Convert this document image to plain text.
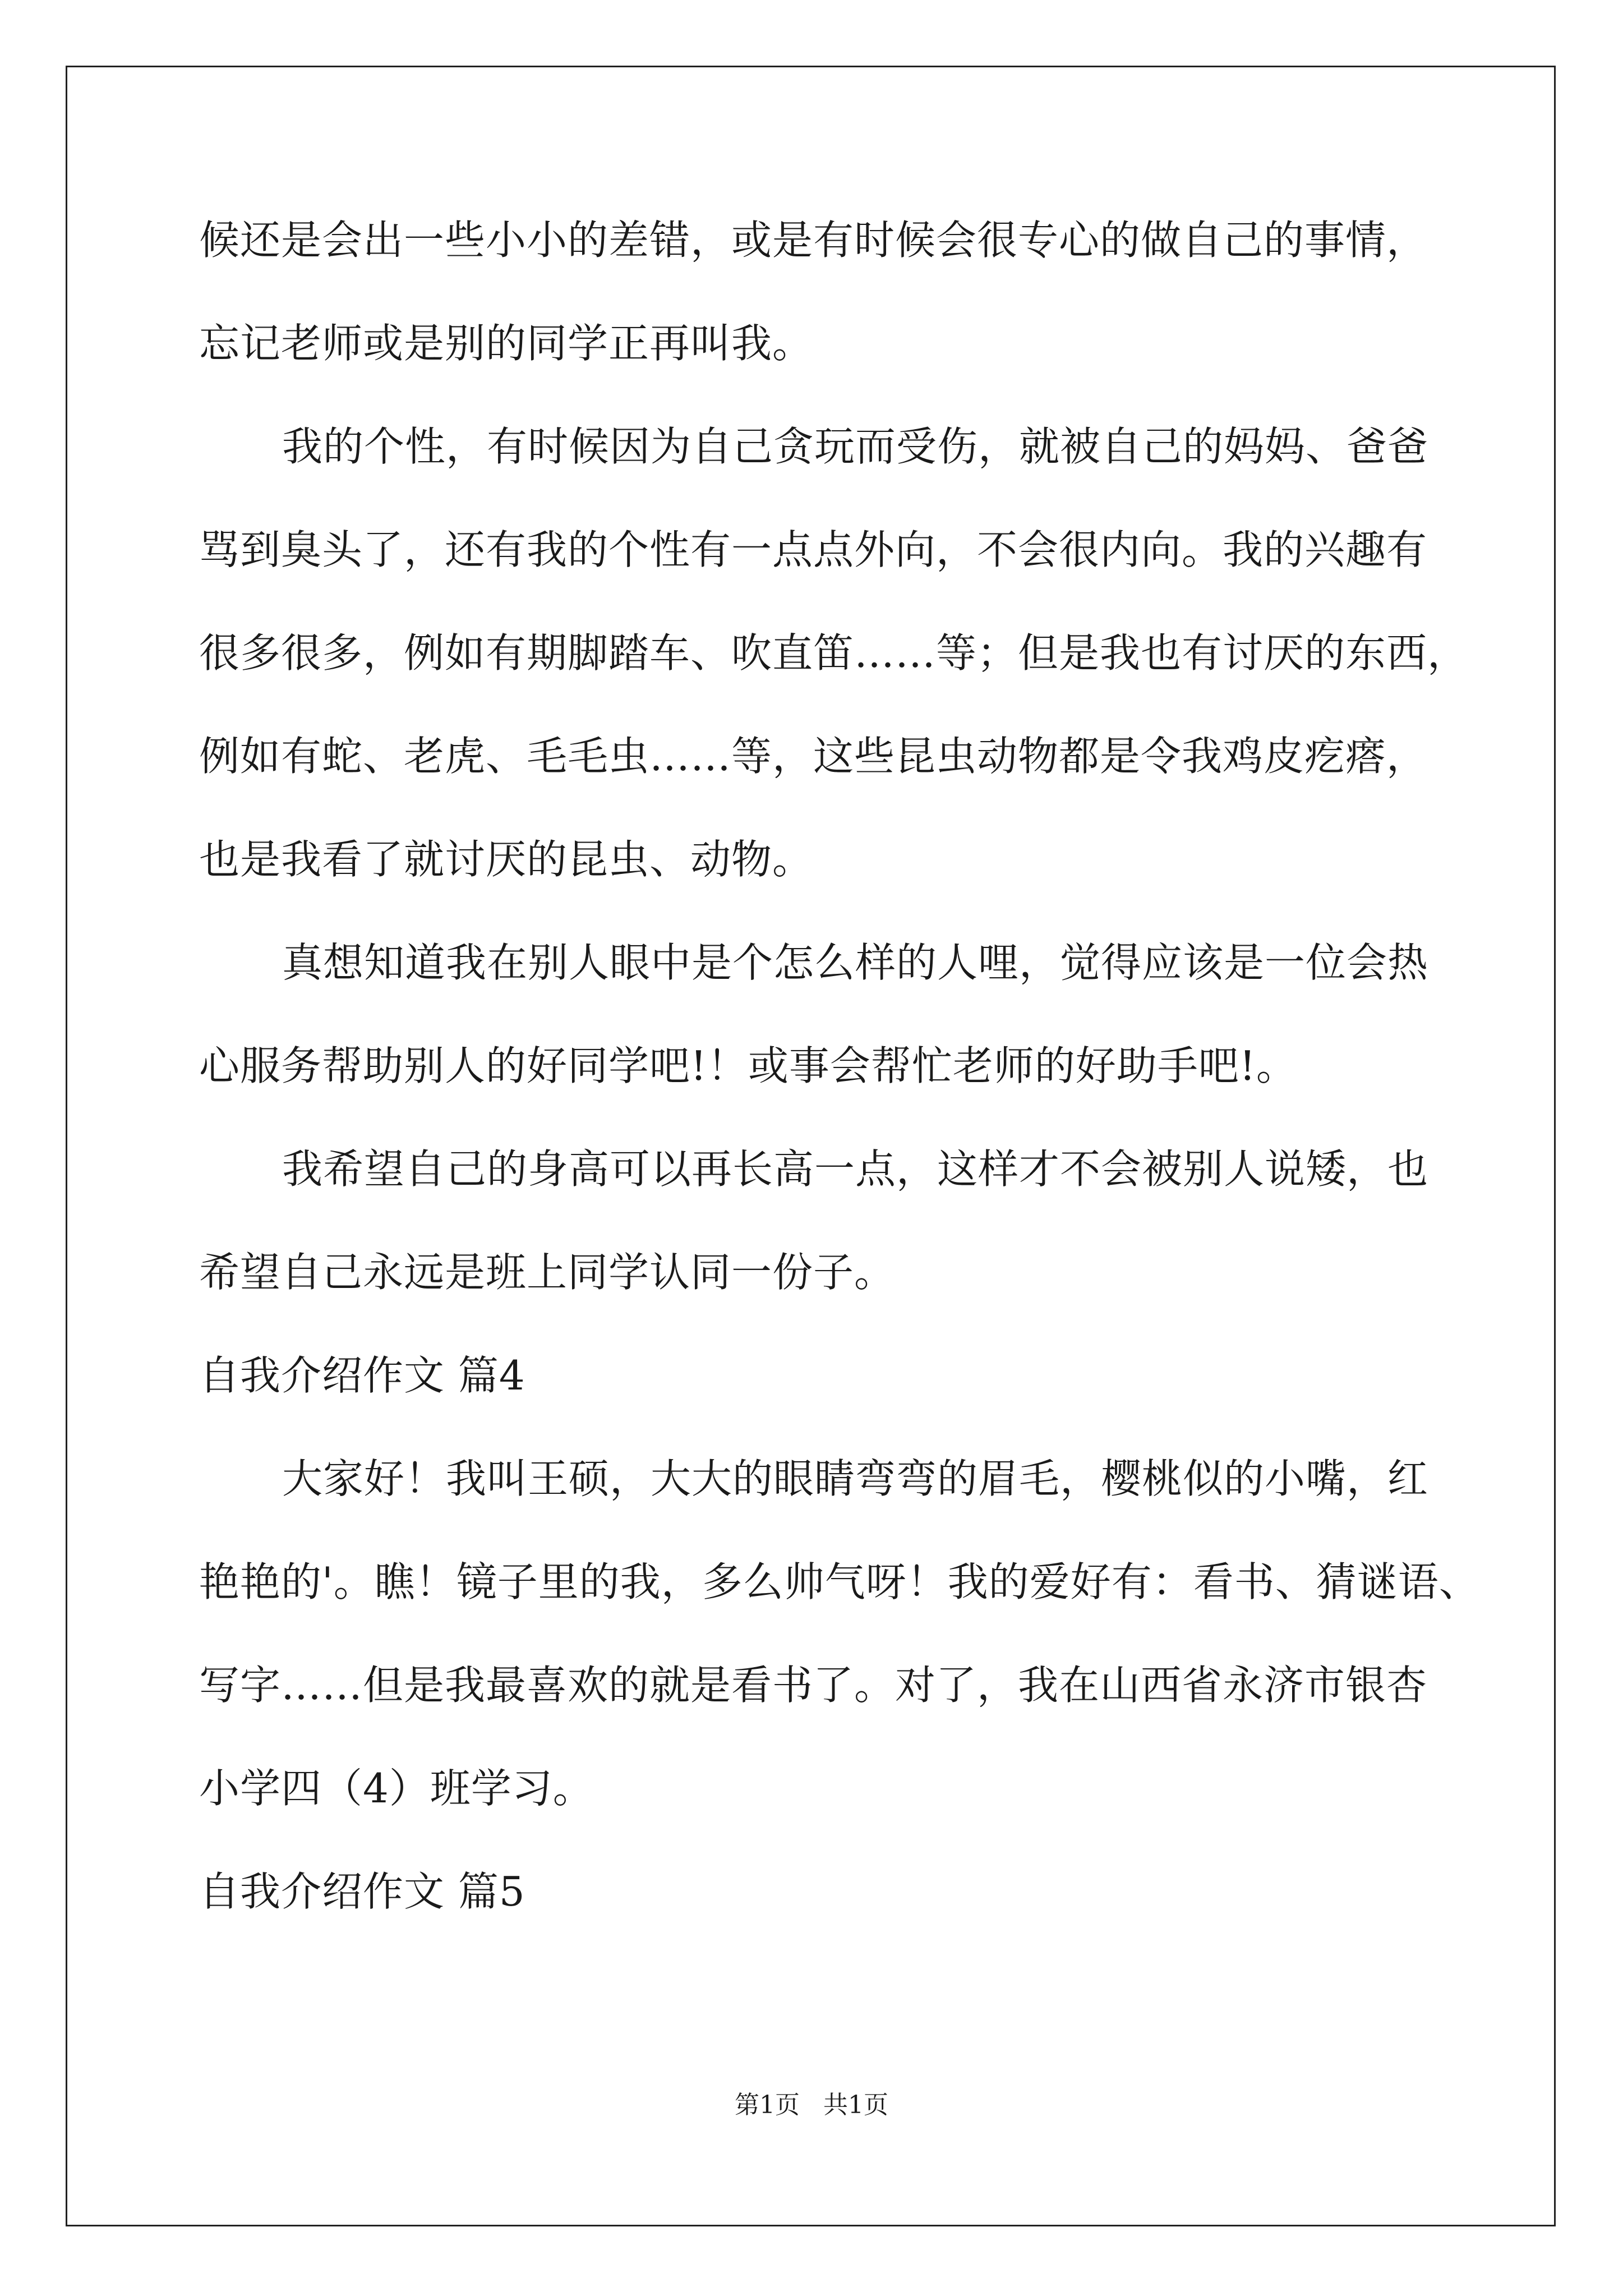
候还是会出一些小小的差错，或是有时候会很专心的做自己的事情，
忘记老师或是别的同学正再叫我。
我的个性，有时候因为自己贪玩而受伤，就被自己的妈妈、爸爸
骂到臭头了，还有我的个性有一点点外向，不会很内向。我的兴趣有
很多很多，例如有期脚踏车、吹直笛……等；但是我也有讨厌的东西，
例如有蛇、老虎、毛毛虫……等，这些昆虫动物都是令我鸡皮疙瘩，
也是我看了就讨厌的昆虫、动物。
真想知道我在别人眼中是个怎么样的人哩，觉得应该是一位会热
心服务帮助别人的好同学吧!！或事会帮忙老师的好助手吧!。
我希望自己的身高可以再长高一点，这样才不会被别人说矮，也
希望自己永远是班上同学认同一份子。
自我介绍作文 篇4
大家好！我叫王硕，大大的眼睛弯弯的眉毛，樱桃似的小嘴，红
艳艳的'。瞧！镜子里的我，多么帅气呀！我的爱好有：看书、猜谜语、
写字……但是我最喜欢的就是看书了。对了，我在山西省永济市银杏
小学四（4）班学习。
自我介绍作文 篇5
第1页   共1页
